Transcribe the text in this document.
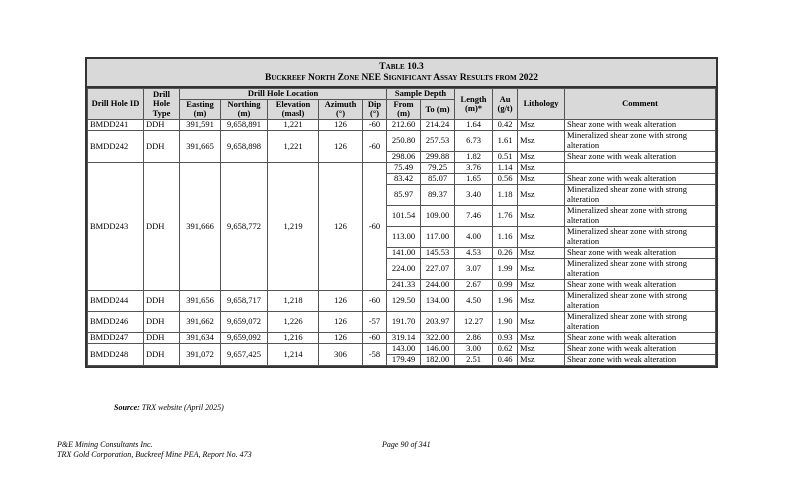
Table 10.3
Buckreef North Zone NEE Significant Assay Results from 2022
Drill Hole ID	Drill Hole Type	Drill Hole Location					Sample Depth		Length (m)*	Au (g/t)	Lithology	Comment
		Easting (m)	Northing (m)	Elevation (masl)	Azimuth (°)	Dip (°)	From (m)	To (m)				
BMDD241	DDH	391,591	9,658,891	1,221	126	-60	212.60	214.24	1.64	0.42	Msz	Shear zone with weak alteration
BMDD242	DDH	391,665	9,658,898	1,221	126	-60	250.80	257.53	6.73	1.61	Msz	Mineralized shear zone with strong alteration
							298.06	299.88	1.82	0.51	Msz	Shear zone with weak alteration
BMDD243	DDH	391,666	9,658,772	1,219	126	-60	75.49	79.25	3.76	1.14	Msz	
							83.42	85.07	1.65	0.56	Msz	Shear zone with weak alteration
							85.97	89.37	3.40	1.18	Msz	Mineralized shear zone with strong alteration
							101.54	109.00	7.46	1.76	Msz	Mineralized shear zone with strong alteration
							113.00	117.00	4.00	1.16	Msz	Mineralized shear zone with strong alteration
							141.00	145.53	4.53	0.26	Msz	Shear zone with weak alteration
							224.00	227.07	3.07	1.99	Msz	Mineralized shear zone with strong alteration
							241.33	244.00	2.67	0.99	Msz	Shear zone with weak alteration
BMDD244	DDH	391,656	9,658,717	1,218	126	-60	129.50	134.00	4.50	1.96	Msz	Mineralized shear zone with strong alteration
BMDD246	DDH	391,662	9,659,072	1,226	126	-57	191.70	203.97	12.27	1.90	Msz	Mineralized shear zone with strong alteration
BMDD247	DDH	391,634	9,659,092	1,216	126	-60	319.14	322.00	2.86	0.93	Msz	Shear zone with weak alteration
BMDD248	DDH	391,072	9,657,425	1,214	306	-58	143.00	146.00	3.00	0.62	Msz	Shear zone with weak alteration
							179.49	182.00	2.51	0.46	Msz	Shear zone with weak alteration
Source: TRX website (April 2025)
P&E Mining Consultants Inc.
TRX Gold Corporation, Buckreef Mine PEA, Report No. 473
Page 90 of 341
